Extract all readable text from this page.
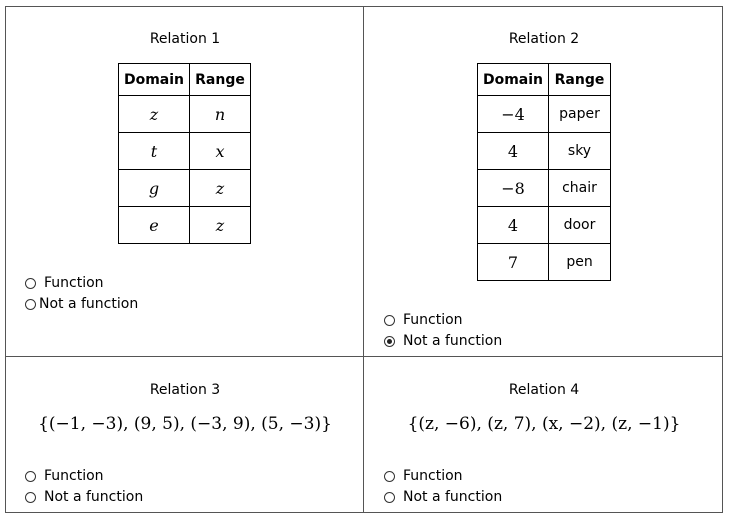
Relation 1
Domain	Range
z	n
t	x
g	z
e	z
Function
Not a function
Relation 2
Domain	Range
−4	paper
4	sky
−8	chair
4	door
7	pen
Function
Not a function
Relation 3
{(−1, −3), (9, 5), (−3, 9), (5, −3)}
Function
Not a function
Relation 4
{(z, −6), (z, 7), (x, −2), (z, −1)}
Function
Not a function
